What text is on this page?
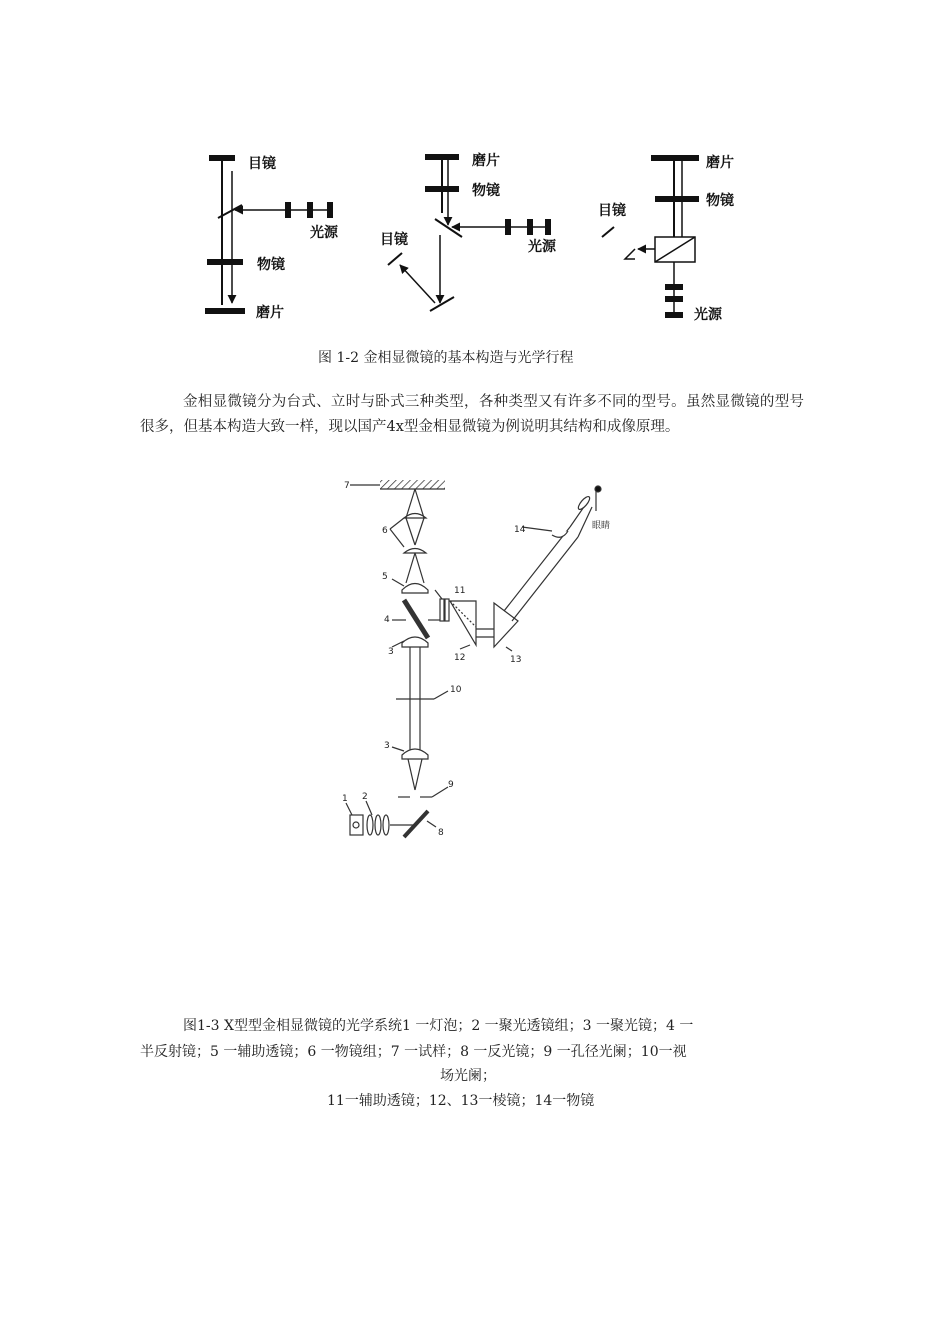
目镜
光源
物镜
磨片
磨片
物镜
光源
目镜
磨片
物镜
目镜
光源
图 1-2 金相显微镜的基本构造与光学行程
金相显微镜分为台式、立时与卧式三种类型，各种类型又有许多不同的型号。虽然显微镜的型号很多，但基本构造大致一样，现以国产4x型金相显微镜为例说明其结构和成像原理。
7
6
5
4
3
10
3
9
8
1 2
11
12	13
14	眼睛
图1-3 X型型金相显微镜的光学系统1 一灯泡；2 一聚光透镜组；3 一聚光镜；4 一
半反射镜；5 一辅助透镜；6 一物镜组；7 一试样；8 一反光镜；9 一孔径光阑；10一视
场光阑；
11一辅助透镜；12、13一棱镜；14一物镜
